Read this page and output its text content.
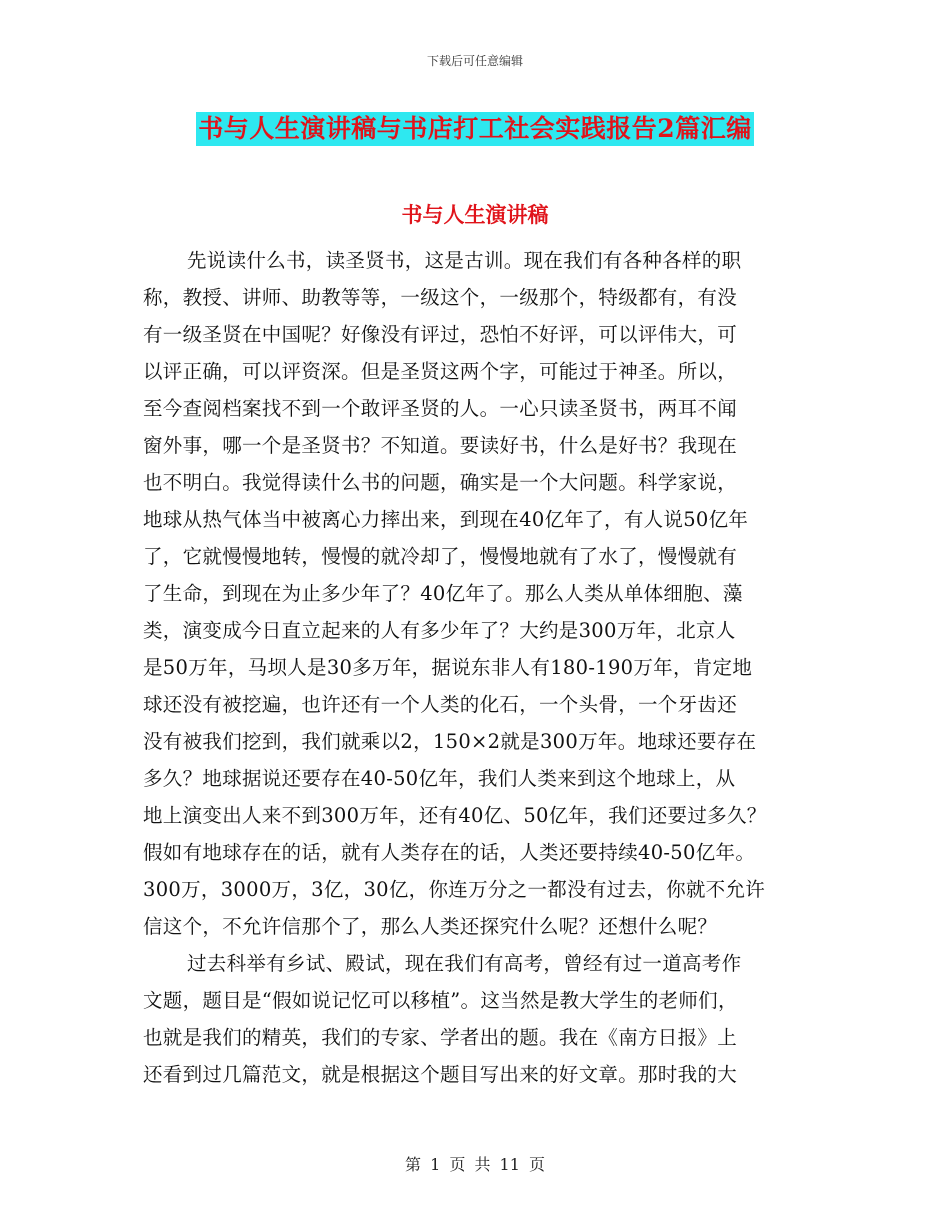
下载后可任意编辑
书与人生演讲稿与书店打工社会实践报告2篇汇编
书与人生演讲稿
先说读什么书，读圣贤书，这是古训。现在我们有各种各样的职
称，教授、讲师、助教等等，一级这个，一级那个，特级都有，有没
有一级圣贤在中国呢？好像没有评过，恐怕不好评，可以评伟大，可
以评正确，可以评资深。但是圣贤这两个字，可能过于神圣。所以，
至今查阅档案找不到一个敢评圣贤的人。一心只读圣贤书，两耳不闻
窗外事，哪一个是圣贤书？不知道。要读好书，什么是好书？我现在
也不明白。我觉得读什么书的问题，确实是一个大问题。科学家说，
地球从热气体当中被离心力摔出来，到现在40亿年了，有人说50亿年
了，它就慢慢地转，慢慢的就冷却了，慢慢地就有了水了，慢慢就有
了生命，到现在为止多少年了？40亿年了。那么人类从单体细胞、藻
类，演变成今日直立起来的人有多少年了？大约是300万年，北京人
是50万年，马坝人是30多万年，据说东非人有180-190万年，肯定地
球还没有被挖遍，也许还有一个人类的化石，一个头骨，一个牙齿还
没有被我们挖到，我们就乘以2，150×2就是300万年。地球还要存在
多久？地球据说还要存在40-50亿年，我们人类来到这个地球上，从
地上演变出人来不到300万年，还有40亿、50亿年，我们还要过多久？
假如有地球存在的话，就有人类存在的话，人类还要持续40-50亿年。
300万，3000万，3亿，30亿，你连万分之一都没有过去，你就不允许
信这个，不允许信那个了，那么人类还探究什么呢？还想什么呢？
过去科举有乡试、殿试，现在我们有高考，曾经有过一道高考作
文题，题目是“假如说记忆可以移植”。这当然是教大学生的老师们，
也就是我们的精英，我们的专家、学者出的题。我在《南方日报》上
还看到过几篇范文，就是根据这个题目写出来的好文章。那时我的大
第 1 页 共 11 页
